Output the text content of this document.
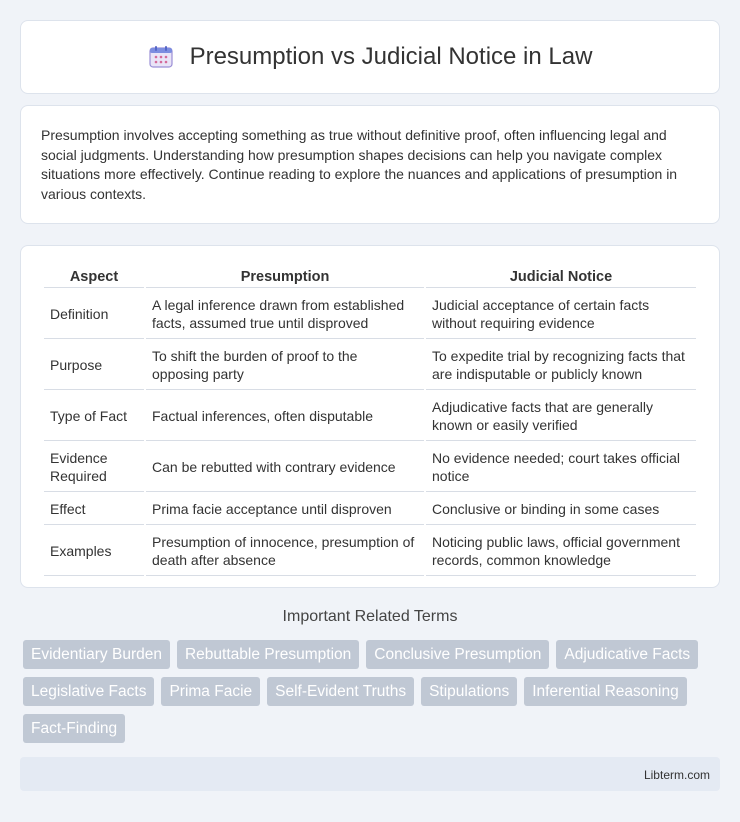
Presumption vs Judicial Notice in Law

Presumption involves accepting something as true without definitive proof, often influencing legal and social judgments. Understanding how presumption shapes decisions can help you navigate complex situations more effectively. Continue reading to explore the nuances and applications of presumption in various contexts.

Aspect	Presumption	Judicial Notice
Definition	A legal inference drawn from established facts, assumed true until disproved	Judicial acceptance of certain facts without requiring evidence
Purpose	To shift the burden of proof to the opposing party	To expedite trial by recognizing facts that are indisputable or publicly known
Type of Fact	Factual inferences, often disputable	Adjudicative facts that are generally known or easily verified
Evidence Required	Can be rebutted with contrary evidence	No evidence needed; court takes official notice
Effect	Prima facie acceptance until disproven	Conclusive or binding in some cases
Examples	Presumption of innocence, presumption of death after absence	Noticing public laws, official government records, common knowledge
Important Related Terms
Evidentiary Burden	Rebuttable Presumption	Conclusive Presumption	Adjudicative Facts
Legislative Facts	Prima Facie	Self-Evident Truths	Stipulations	Inferential Reasoning
Fact-Finding
Libterm.com
